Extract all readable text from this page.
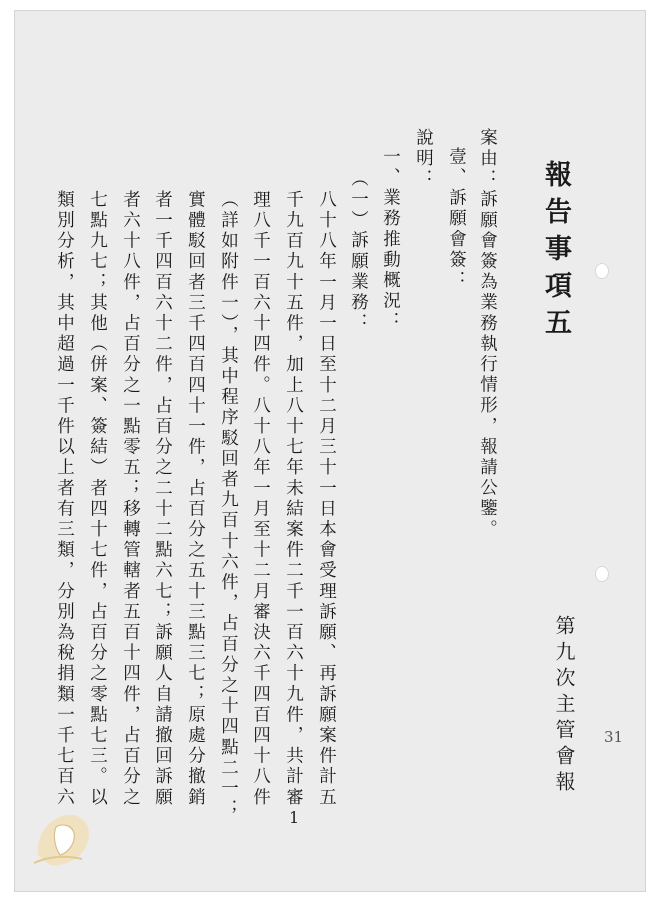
報告事項五
第九次主管會報 31
案由：訴願會簽為業務執行情形，報請公鑒。
壹、訴願會簽：
說明：
一、業務推動概況：
（一）訴願業務：
八十八年一月一日至十二月三十一日本會受理訴願、再訴願案件計五
千九百九十五件，加上八十七年未結案件二千一百六十九件，共計審
理八千一百六十四件。八十八年一月至十二月審決六千四百四十八件
（詳如附件一），其中程序駁回者九百十六件，占百分之十四點二一；
實體駁回者三千四百四十一件，占百分之五十三點三七；原處分撤銷
者一千四百六十二件，占百分之二十二點六七；訴願人自請撤回訴願
者六十八件，占百分之一點零五；移轉管轄者五百十四件，占百分之
七點九七；其他（併案、簽結）者四十七件，占百分之零點七三。以
類別分析，其中超過一千件以上者有三類，分別為稅捐類一千七百六
1
